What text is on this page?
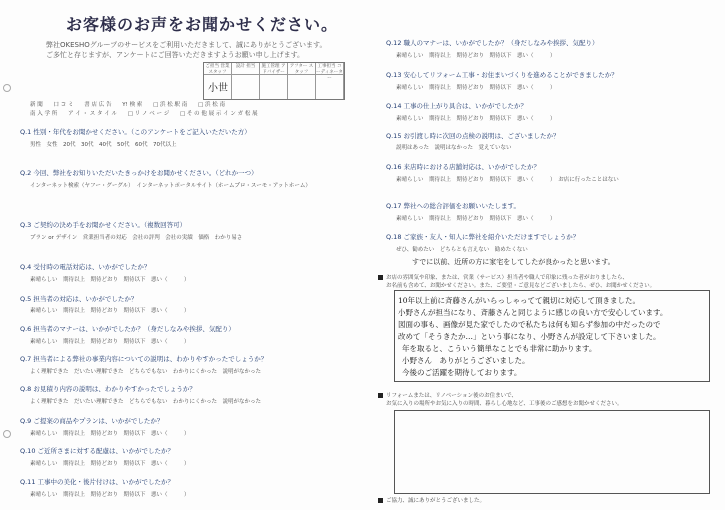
お客様のお声をお聞かせください。
弊社OKESHOグループのサービスをご利用いただきまして、誠にありがとうございます。
ご多忙と存じますが、アンケートにご回答いただきますようお願い申し上げます。
ご担当 営業スタッフ
設計 担当	施工管理 アドバイザー
アフター スタッフ
工事担当 コーディネーター
小世
新 聞 口 コ ミ 書 店 広 告 Y! 検 索 □ 浜 松 駅 南 □ 浜 松 南
南 入 学 所 ア イ ・ ス タ イ ル □ リ ノ ベ ー ジ □ そ の 他 展 示 イ ン ガ 松 展
Q.1 性別・年代をお聞かせください。（このアンケートをご記入いただいた方）
男性　女性　20代　30代　40代　50代　60代　70代以上
Q.2 今回、弊社をお知りいただいたきっかけをお聞かせください。（どれか一つ）
インターネット検索（ヤフー・グーグル）　インターネットポータルサイト（ホームプロ・スーモ・アットホーム）
Q.3 ご契約の決め手をお聞かせください。（複数回答可）
プラン or デザイン　営業担当者の対応　会社の評判　会社の実績　価格　わかり易さ
Q.4 受付時の電話対応は、いかがでしたか？
素晴らしい　期待以上　期待どおり　期待以下　悪い（　　　）
Q.5 担当者の対応は、いかがでしたか？
素晴らしい　期待以上　期待どおり　期待以下　悪い（　　　）
Q.6 担当者のマナーは、いかがでしたか？（身だしなみや挨拶、気配り）
素晴らしい　期待以上　期待どおり　期待以下　悪い（　　　）
Q.7 担当者による弊社の事業内容についての説明は、わかりやすかったでしょうか？
よく理解できた　だいたい理解できた　どちらでもない　わかりにくかった　説明がなかった
Q.8 お見積り内容の説明は、わかりやすかったでしょうか？
よく理解できた　だいたい理解できた　どちらでもない　わかりにくかった　説明がなかった
Q.9 ご提案の商品やプランは、いかがでしたか？
素晴らしい　期待以上　期待どおり　期待以下　悪い（　　　）
Q.10 ご近所さまに対する配慮は、いかがでしたか？
素晴らしい　期待以上　期待どおり　期待以下　悪い（　　　）
Q.11 工事中の美化・後片付けは、いかがでしたか？
素晴らしい　期待以上　期待どおり　期待以下　悪い（　　　）
Q.12 職人のマナーは、いかがでしたか？（身だしなみや挨拶、気配り）
素晴らしい　期待以上　期待どおり　期待以下　悪い（　　　）
Q.13 安心してリフォーム工事・お住まいづくりを進めることができましたか？
素晴らしい　期待以上　期待どおり　期待以下　悪い（　　　）
Q.14 工事の仕上がり具合は、いかがでしたか？
素晴らしい　期待以上　期待どおり　期待以下　悪い（　　　）
Q.15 お引渡し時に次回の点検の説明は、ございましたか？
説明はあった　説明はなかった　覚えていない
Q.16 来店時における店舗対応は、いかがでしたか？
素晴らしい　期待以上　期待どおり　期待以下　悪い（　　　）　お店に行ったことはない
Q.17 弊社への総合評価をお願いいたします。
素晴らしい　期待以上　期待どおり　期待以下　悪い（　　　）
Q.18 ご家族・友人・知人に弊社を紹介いただけますでしょうか？
ぜひ、勧めたい　どちらとも言えない　勧めたくない
すでに以前、近所の方に家宅をしてしたが良かったと思います。
お店の雰囲気や印象、または、営業（サービス）担当者や職人で印象に残った者がおりましたら、
お名前も含めて、お聞かせください。また、ご要望・ご意見などございましたら、ぜひ、お聞かせください。
10年以上前に斉藤さんがいらっしゃってて親切に対応して頂きました。
小野さんが担当になり、斉藤さんと同じように感じの良い方で安心しています。
図面の事も、画像が見た家でしたので私たちは何も知らず参加の中だったので
改めて「そうきたか…」という事になり、小野さんが設定して下さいました。
年を取ると、こういう簡単なことでも非常に助かります。
小野さん　ありがとうございました。
今後のご活躍を期待しております。
リフォームまたは、リノベーション後のお住まいで、
お気に入りの場所やお気に入りの時間、暮らし心地など、工事後のご感想をお聞かせください。
ご協力、誠にありがとうございました。
